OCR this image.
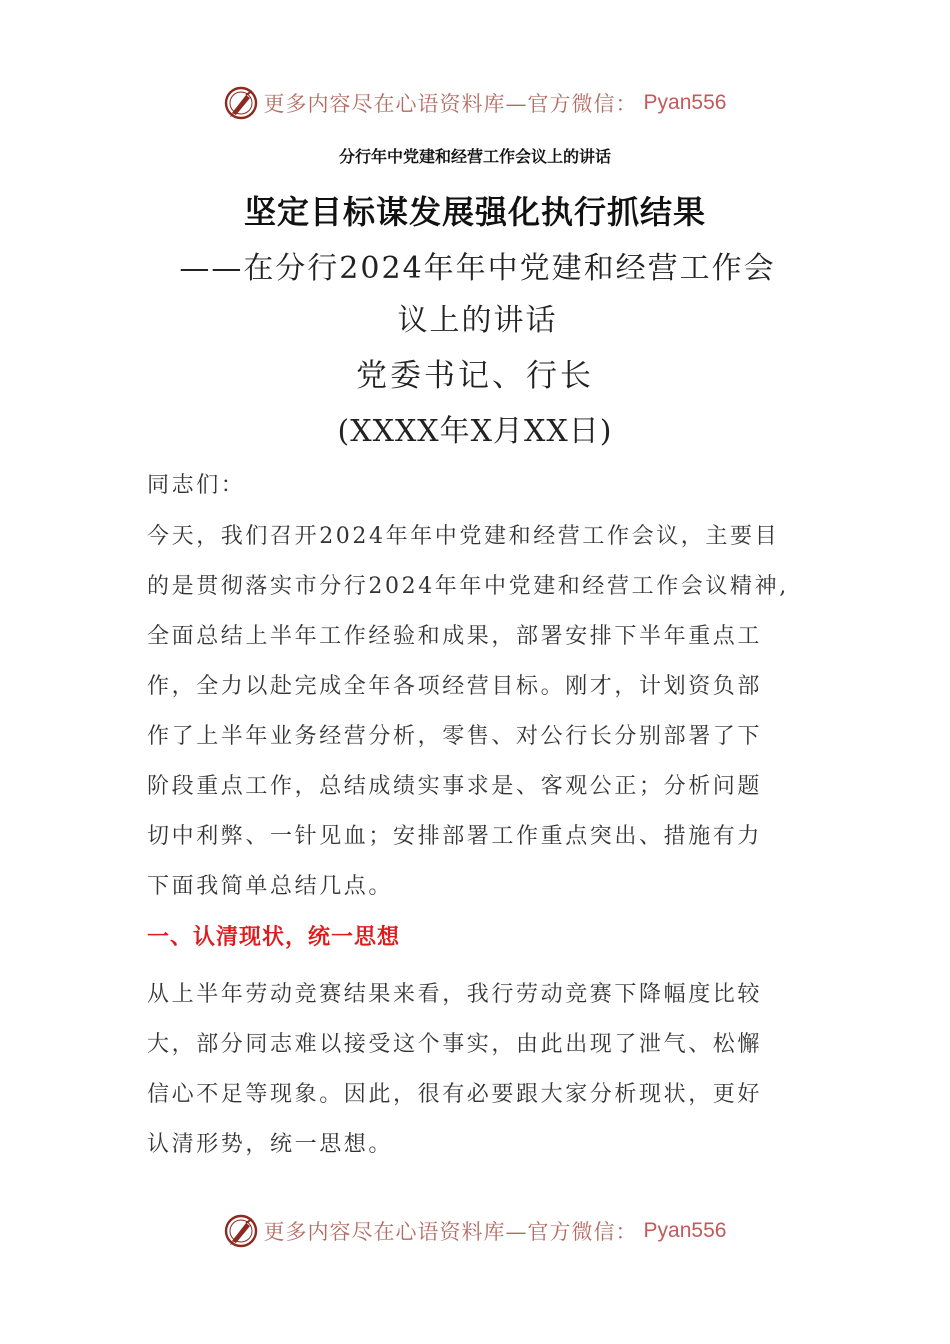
更多内容尽在心语资料库—官方微信： Pyan556
分行年中党建和经营工作会议上的讲话
坚定目标谋发展强化执行抓结果
——在分行2024年年中党建和经营工作会
议上的讲话
党委书记、行长
(XXXX年X月XX日)
同志们：
今天，我们召开2024年年中党建和经营工作会议，主要目
的是贯彻落实市分行2024年年中党建和经营工作会议精神,
全面总结上半年工作经验和成果，部署安排下半年重点工
作，全力以赴完成全年各项经营目标。刚才，计划资负部
作了上半年业务经营分析，零售、对公行长分别部署了下
阶段重点工作，总结成绩实事求是、客观公正；分析问题
切中利弊、一针见血；安排部署工作重点突出、措施有力
下面我简单总结几点。
一、认清现状，统一思想
从上半年劳动竞赛结果来看，我行劳动竞赛下降幅度比较
大，部分同志难以接受这个事实，由此出现了泄气、松懈
信心不足等现象。因此，很有必要跟大家分析现状，更好
认清形势，统一思想。
更多内容尽在心语资料库—官方微信： Pyan556
